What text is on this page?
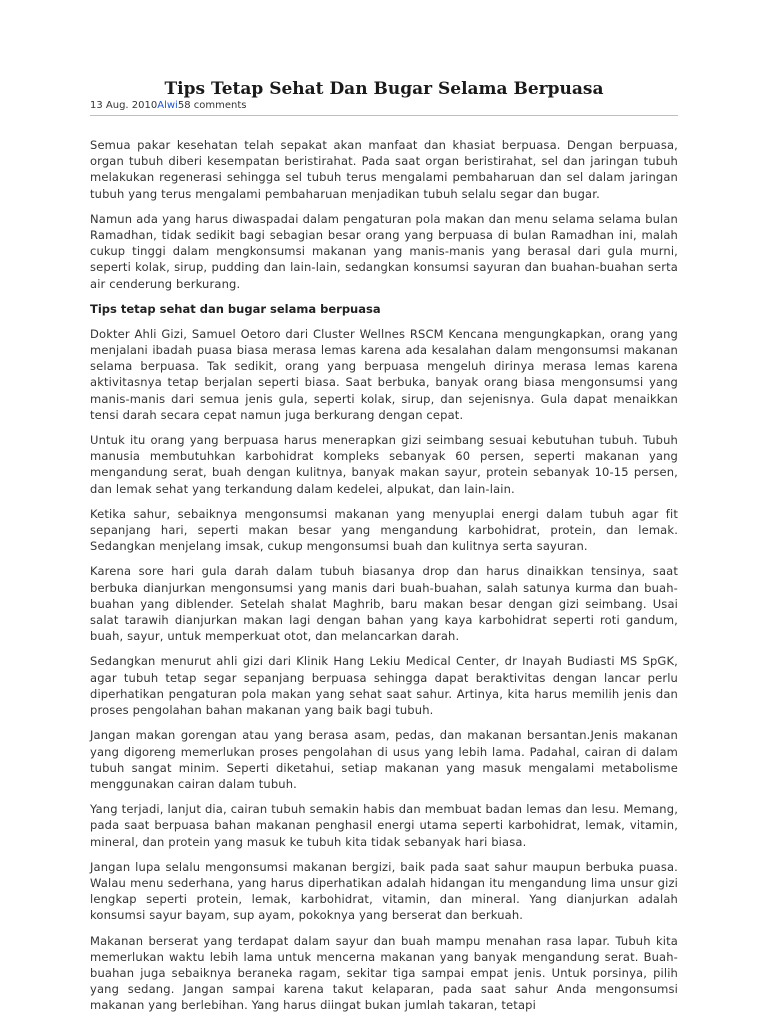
Tips Tetap Sehat Dan Bugar Selama Berpuasa
13 Aug. 2010Alwi58 comments

Semua pakar kesehatan telah sepakat akan manfaat dan khasiat berpuasa. Dengan berpuasa, organ tubuh diberi kesempatan beristirahat. Pada saat organ beristirahat, sel dan jaringan tubuh melakukan regenerasi sehingga sel tubuh terus mengalami pembaharuan dan sel dalam jaringan tubuh yang terus mengalami pembaharuan menjadikan tubuh selalu segar dan bugar.

Namun ada yang harus diwaspadai dalam pengaturan pola makan dan menu selama selama bulan Ramadhan, tidak sedikit bagi sebagian besar orang yang berpuasa di bulan Ramadhan ini, malah cukup tinggi dalam mengkonsumsi makanan yang manis-manis yang berasal dari gula murni, seperti kolak, sirup, pudding dan lain-lain, sedangkan konsumsi sayuran dan buahan-buahan serta air cenderung berkurang.

Tips tetap sehat dan bugar selama berpuasa

Dokter Ahli Gizi, Samuel Oetoro dari Cluster Wellnes RSCM Kencana mengungkapkan, orang yang menjalani ibadah puasa biasa merasa lemas karena ada kesalahan dalam mengonsumsi makanan selama berpuasa. Tak sedikit, orang yang berpuasa mengeluh dirinya merasa lemas karena aktivitasnya tetap berjalan seperti biasa. Saat berbuka, banyak orang biasa mengonsumsi yang manis-manis dari semua jenis gula, seperti kolak, sirup, dan sejenisnya. Gula dapat menaikkan tensi darah secara cepat namun juga berkurang dengan cepat.

Untuk itu orang yang berpuasa harus menerapkan gizi seimbang sesuai kebutuhan tubuh. Tubuh manusia membutuhkan karbohidrat kompleks sebanyak 60 persen, seperti makanan yang mengandung serat, buah dengan kulitnya, banyak makan sayur, protein sebanyak 10-15 persen, dan lemak sehat yang terkandung dalam kedelei, alpukat, dan lain-lain.

Ketika sahur, sebaiknya mengonsumsi makanan yang menyuplai energi dalam tubuh agar fit sepanjang hari, seperti makan besar yang mengandung karbohidrat, protein, dan lemak. Sedangkan menjelang imsak, cukup mengonsumsi buah dan kulitnya serta sayuran.

Karena sore hari gula darah dalam tubuh biasanya drop dan harus dinaikkan tensinya, saat berbuka dianjurkan mengonsumsi yang manis dari buah-buahan, salah satunya kurma dan buah-buahan yang diblender. Setelah shalat Maghrib, baru makan besar dengan gizi seimbang. Usai salat tarawih dianjurkan makan lagi dengan bahan yang kaya karbohidrat seperti roti gandum, buah, sayur, untuk memperkuat otot, dan melancarkan darah.

Sedangkan menurut ahli gizi dari Klinik Hang Lekiu Medical Center, dr Inayah Budiasti MS SpGK, agar tubuh tetap segar sepanjang berpuasa sehingga dapat beraktivitas dengan lancar perlu diperhatikan pengaturan pola makan yang sehat saat sahur. Artinya, kita harus memilih jenis dan proses pengolahan bahan makanan yang baik bagi tubuh.

Jangan makan gorengan atau yang berasa asam, pedas, dan makanan bersantan.Jenis makanan yang digoreng memerlukan proses pengolahan di usus yang lebih lama. Padahal, cairan di dalam tubuh sangat minim. Seperti diketahui, setiap makanan yang masuk mengalami metabolisme menggunakan cairan dalam tubuh.

Yang terjadi, lanjut dia, cairan tubuh semakin habis dan membuat badan lemas dan lesu. Memang, pada saat berpuasa bahan makanan penghasil energi utama seperti karbohidrat, lemak, vitamin, mineral, dan protein yang masuk ke tubuh kita tidak sebanyak hari biasa.

Jangan lupa selalu mengonsumsi makanan bergizi, baik pada saat sahur maupun berbuka puasa. Walau menu sederhana, yang harus diperhatikan adalah hidangan itu mengandung lima unsur gizi lengkap seperti protein, lemak, karbohidrat, vitamin, dan mineral. Yang dianjurkan adalah konsumsi sayur bayam, sup ayam, pokoknya yang berserat dan berkuah.

Makanan berserat yang terdapat dalam sayur dan buah mampu menahan rasa lapar. Tubuh kita memerlukan waktu lebih lama untuk mencerna makanan yang banyak mengandung serat. Buah-buahan juga sebaiknya beraneka ragam, sekitar tiga sampai empat jenis. Untuk porsinya, pilih yang sedang. Jangan sampai karena takut kelaparan, pada saat sahur Anda mengonsumsi makanan yang berlebihan. Yang harus diingat bukan jumlah takaran, tetapi
